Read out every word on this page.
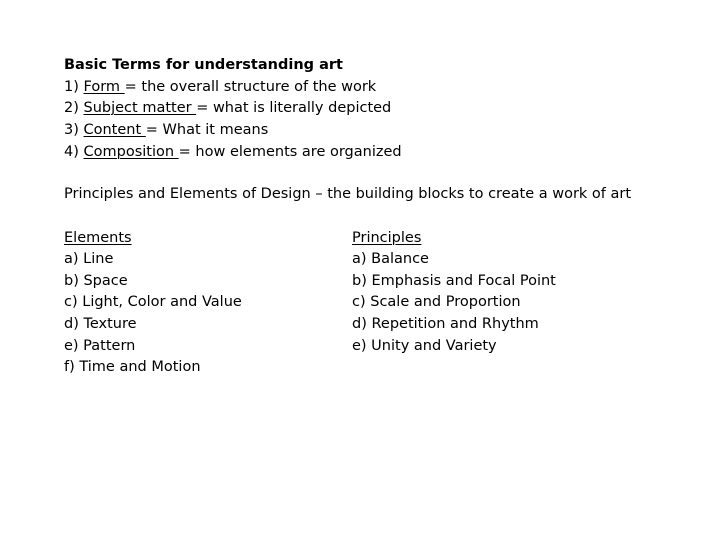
Basic Terms for understanding art
1) Form = the overall structure of the work
2) Subject matter = what is literally depicted
3) Content = What it means
4) Composition = how elements are organized
Principles and Elements of Design – the building blocks to create a work of art
Elements
a) Line
b) Space
c) Light, Color and Value
d) Texture
e) Pattern
f) Time and Motion
Principles
a) Balance
b) Emphasis and Focal Point
c) Scale and Proportion
d) Repetition and Rhythm
e) Unity and Variety
